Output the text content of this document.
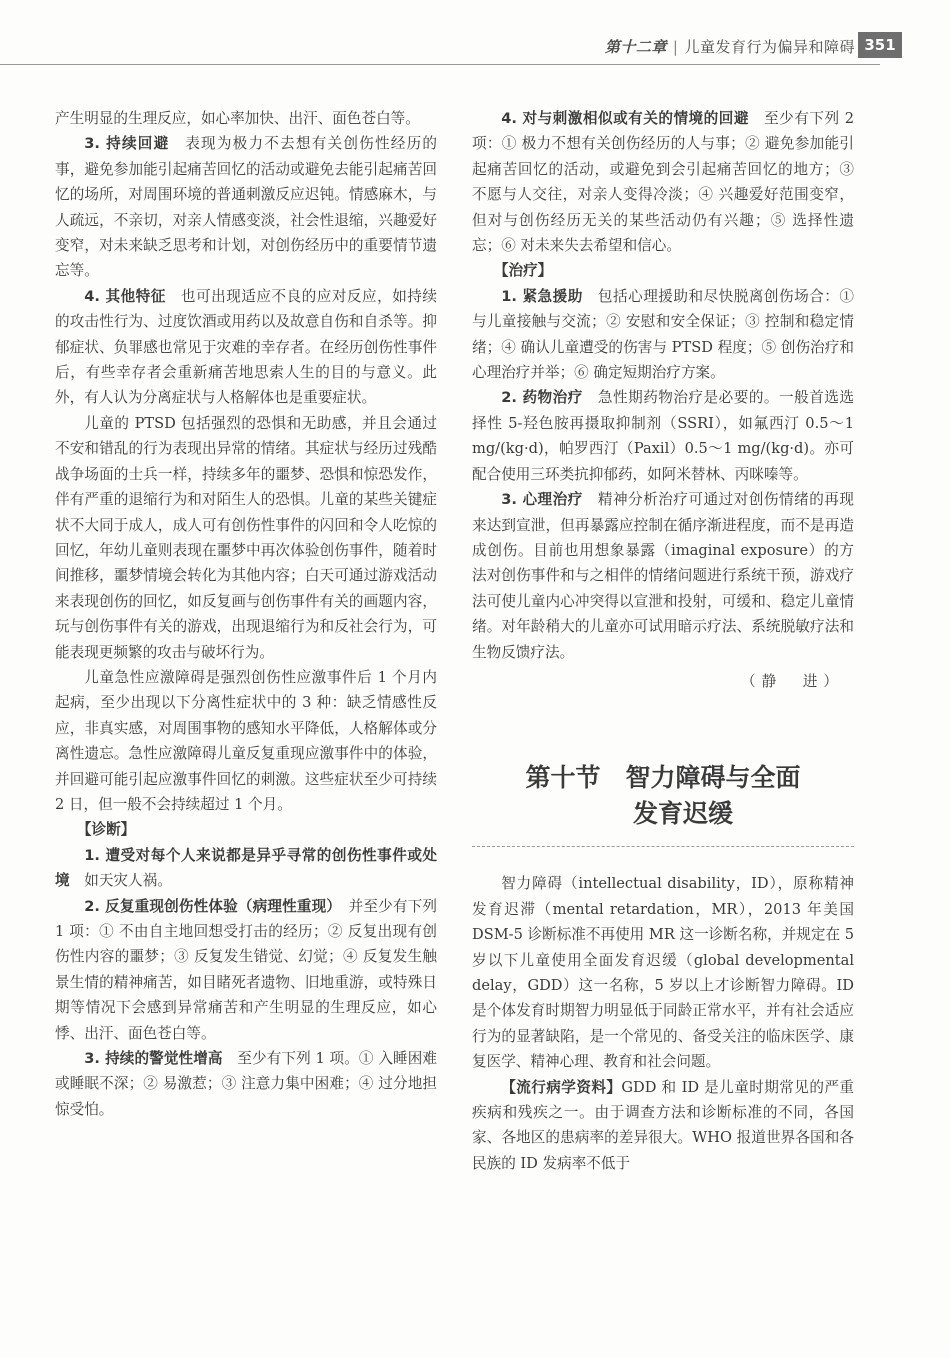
第十二章 | 儿童发育行为偏异和障碍 351

产生明显的生理反应，如心率加快、出汗、面色苍白等。

3. 持续回避　 表现为极力不去想有关创伤性经历的事，避免参加能引起痛苦回忆的活动或避免去能引起痛苦回忆的场所，对周围环境的普通刺激反应迟钝。情感麻木，与人疏远，不亲切，对亲人情感变淡，社会性退缩，兴趣爱好变窄，对未来缺乏思考和计划，对创伤经历中的重要情节遗忘等。

4. 其他特征　 也可出现适应不良的应对反应，如持续的攻击性行为、过度饮酒或用药以及故意自伤和自杀等。抑郁症状、负罪感也常见于灾难的幸存者。在经历创伤性事件后，有些幸存者会重新痛苦地思索人生的目的与意义。此外，有人认为分离症状与人格解体也是重要症状。

儿童的 PTSD 包括强烈的恐惧和无助感，并且会通过不安和错乱的行为表现出异常的情绪。其症状与经历过残酷战争场面的士兵一样，持续多年的噩梦、恐惧和惊恐发作，伴有严重的退缩行为和对陌生人的恐惧。儿童的某些关键症状不大同于成人，成人可有创伤性事件的闪回和令人吃惊的回忆，年幼儿童则表现在噩梦中再次体验创伤事件，随着时间推移，噩梦情境会转化为其他内容；白天可通过游戏活动来表现创伤的回忆，如反复画与创伤事件有关的画题内容，玩与创伤事件有关的游戏，出现退缩行为和反社会行为，可能表现更频繁的攻击与破坏行为。

儿童急性应激障碍是强烈创伤性应激事件后 1 个月内起病，至少出现以下分离性症状中的 3 种：缺乏情感性反应，非真实感，对周围事物的感知水平降低，人格解体或分离性遗忘。急性应激障碍儿童反复重现应激事件中的体验，并回避可能引起应激事件回忆的刺激。这些症状至少可持续 2 日，但一般不会持续超过 1 个月。

【诊断】

1. 遭受对每个人来说都是异乎寻常的创伤性事件或处境　 如天灾人祸。

2. 反复重现创伤性体验（病理性重现）　 并至少有下列 1 项：① 不由自主地回想受打击的经历；② 反复出现有创伤性内容的噩梦；③ 反复发生错觉、幻觉；④ 反复发生触景生情的精神痛苦，如目睹死者遗物、旧地重游，或特殊日期等情况下会感到异常痛苦和产生明显的生理反应，如心悸、出汗、面色苍白等。

3. 持续的警觉性增高　 至少有下列 1 项。① 入睡困难或睡眠不深；② 易激惹；③ 注意力集中困难；④ 过分地担惊受怕。

4. 对与刺激相似或有关的情境的回避　 至少有下列 2 项：① 极力不想有关创伤经历的人与事；② 避免参加能引起痛苦回忆的活动，或避免到会引起痛苦回忆的地方；③ 不愿与人交往，对亲人变得冷淡；④ 兴趣爱好范围变窄，但对与创伤经历无关的某些活动仍有兴趣；⑤ 选择性遗忘；⑥ 对未来失去希望和信心。

【治疗】

1. 紧急援助　 包括心理援助和尽快脱离创伤场合：① 与儿童接触与交流；② 安慰和安全保证；③ 控制和稳定情绪；④ 确认儿童遭受的伤害与 PTSD 程度；⑤ 创伤治疗和心理治疗并举；⑥ 确定短期治疗方案。

2. 药物治疗　 急性期药物治疗是必要的。一般首选选择性 5-羟色胺再摄取抑制剂（SSRI），如氟西汀 0.5～1 mg/(kg·d)，帕罗西汀（Paxil）0.5～1 mg/(kg·d)。亦可配合使用三环类抗抑郁药，如阿米替林、丙咪嗪等。

3. 心理治疗　 精神分析治疗可通过对创伤情绪的再现来达到宣泄，但再暴露应控制在循序渐进程度，而不是再造成创伤。目前也用想象暴露（imaginal exposure）的方法对创伤事件和与之相伴的情绪问题进行系统干预，游戏疗法可使儿童内心冲突得以宣泄和投射，可缓和、稳定儿童情绪。对年龄稍大的儿童亦可试用暗示疗法、系统脱敏疗法和生物反馈疗法。

（静　进）

第十节　智力障碍与全面
发育迟缓

智力障碍（intellectual disability，ID），原称精神发育迟滞（mental retardation，MR），2013 年美国 DSM-5 诊断标准不再使用 MR 这一诊断名称，并规定在 5 岁以下儿童使用全面发育迟缓（global developmental delay，GDD）这一名称，5 岁以上才诊断智力障碍。ID 是个体发育时期智力明显低于同龄正常水平，并有社会适应行为的显著缺陷，是一个常见的、备受关注的临床医学、康复医学、精神心理、教育和社会问题。

【流行病学资料】GDD 和 ID 是儿童时期常见的严重疾病和残疾之一。由于调查方法和诊断标准的不同，各国家、各地区的患病率的差异很大。WHO 报道世界各国和各民族的 ID 发病率不低于
